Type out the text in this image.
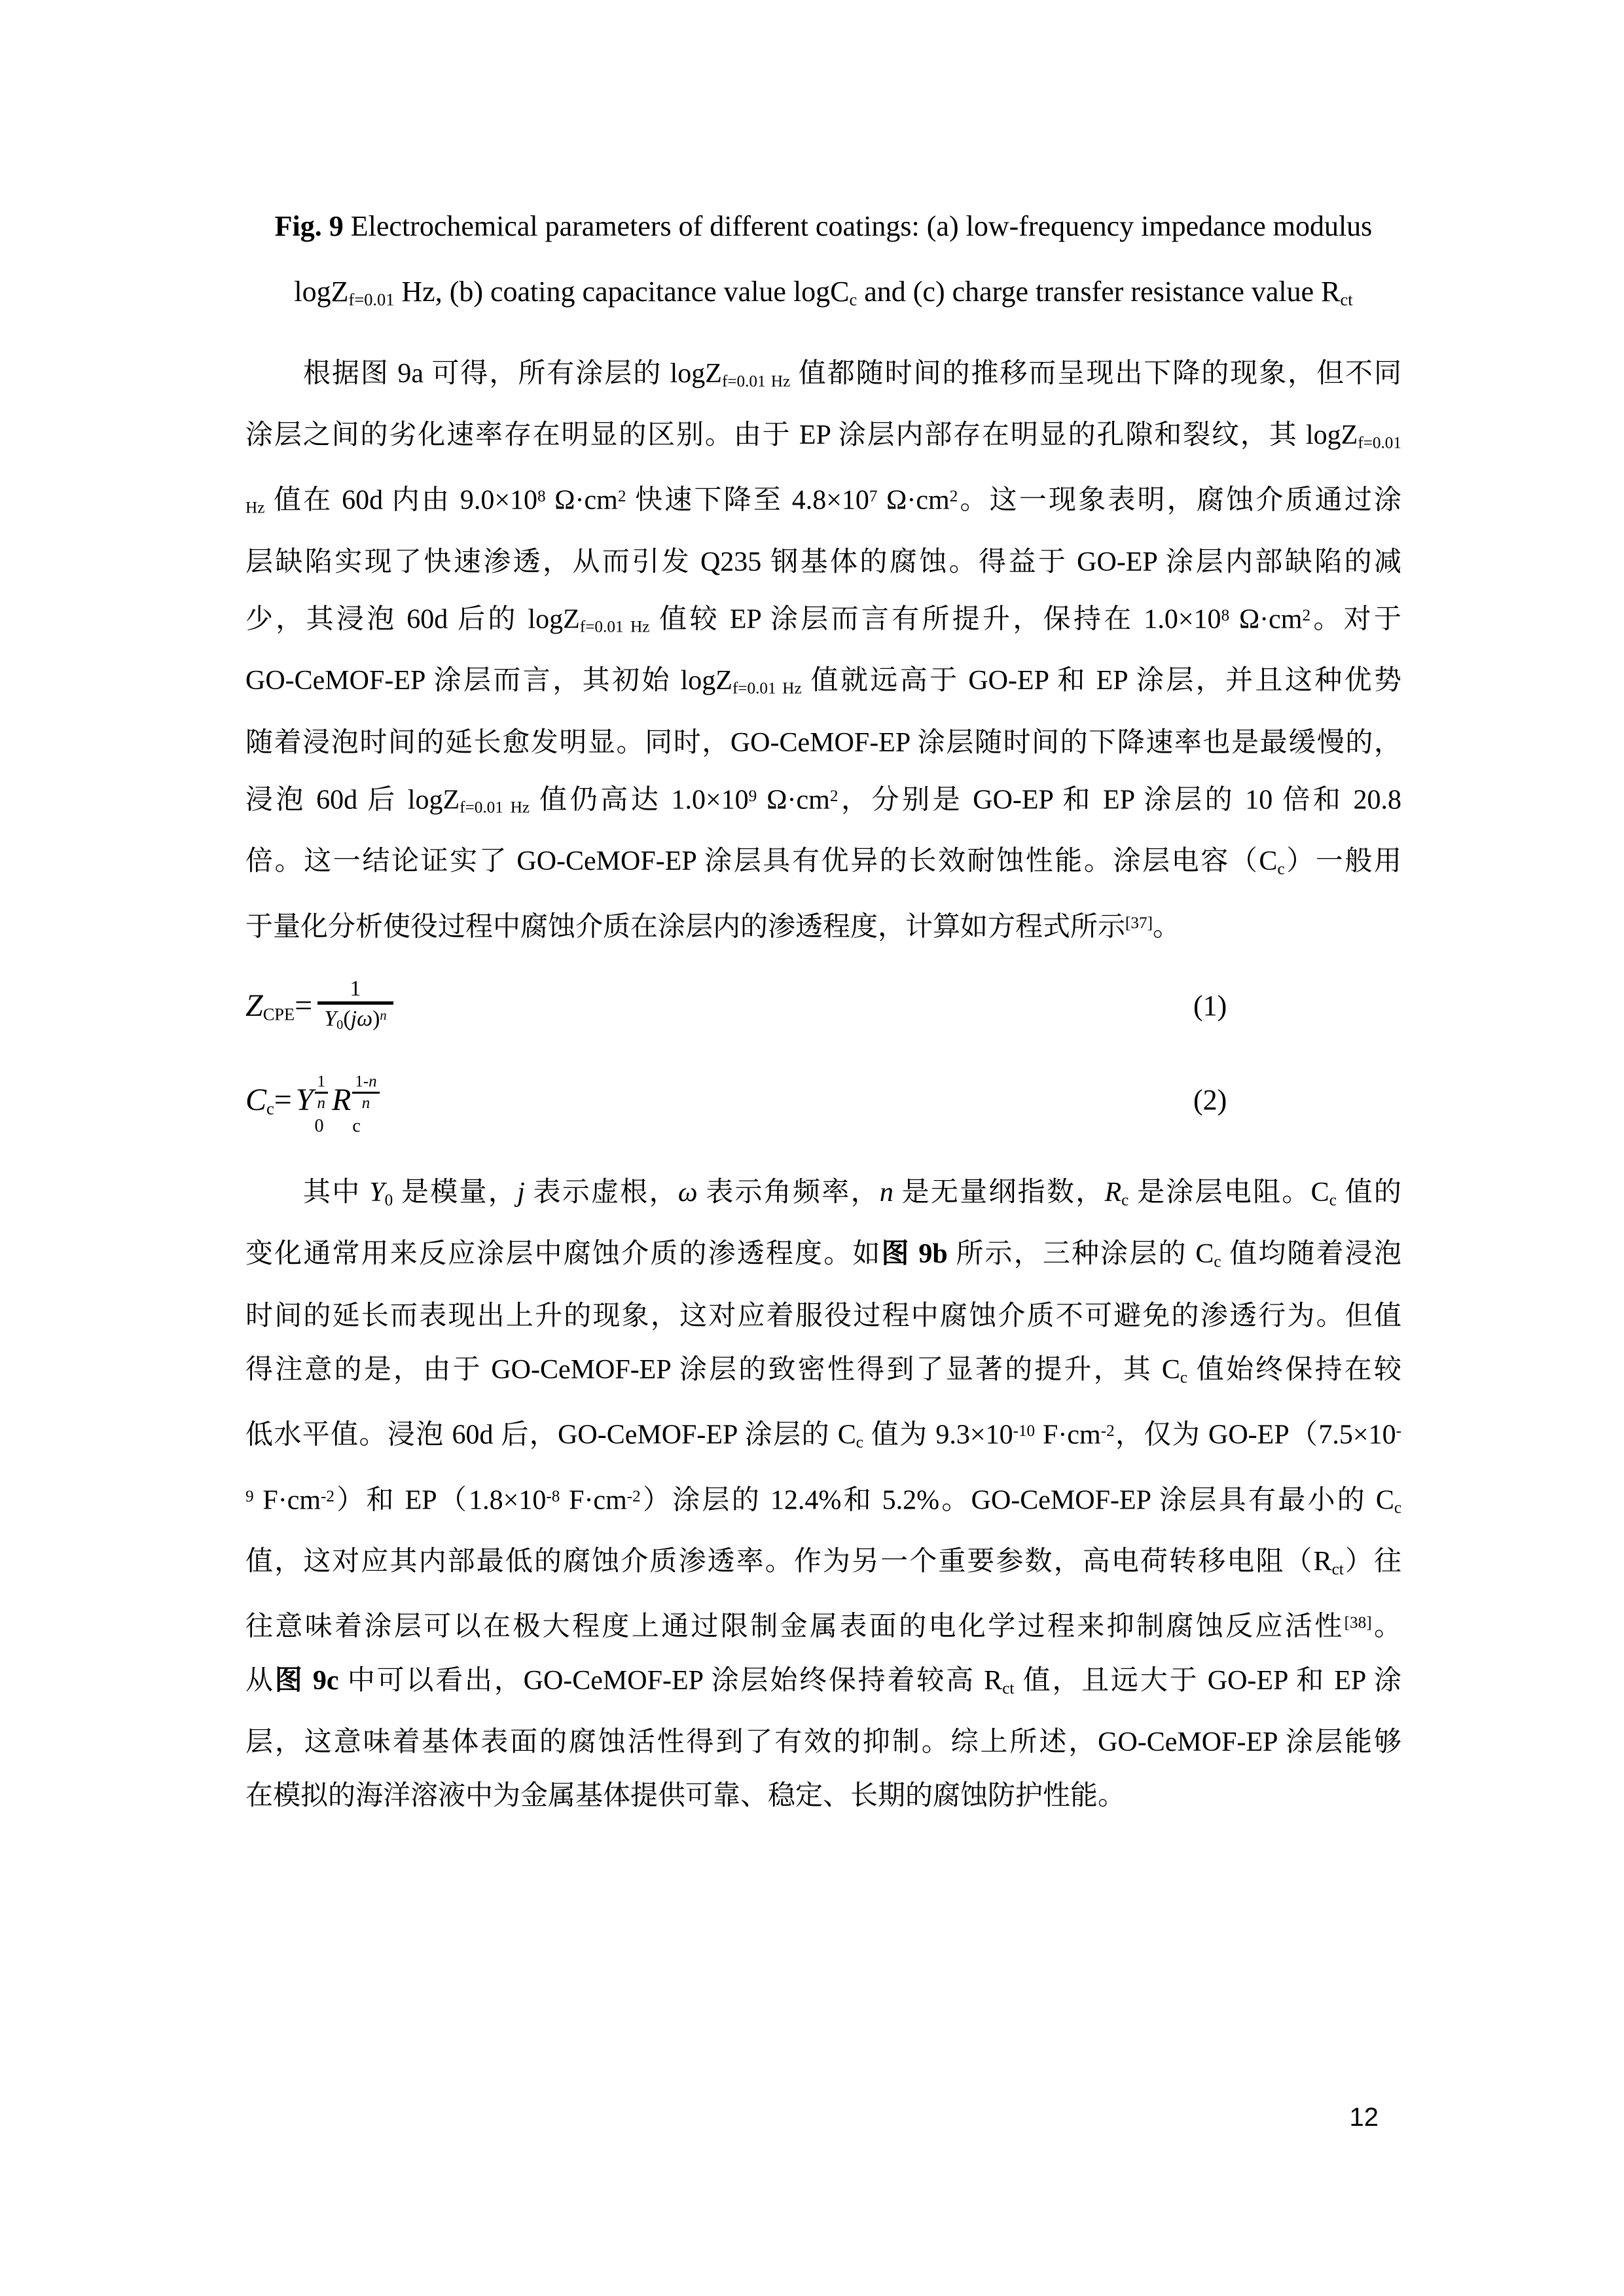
Fig. 9 Electrochemical parameters of different coatings: (a) low-frequency impedance modulus
logZ$_{f=0.01}$ Hz, (b) coating capacitance value logC$_c$ and (c) charge transfer resistance value $R_{ct}$
根据图 9a 可得，所有涂层的 logZ$_{f=0.01 Hz}$ 值都随时间的推移而呈现出下降的现象，但不同
涂层之间的劣化速率存在明显的区别。由于 EP 涂层内部存在明显的孔隙和裂纹，其 logZ$_{f=0.01}$
$_{Hz}$ 值在 60d 内由 $9.0\times 10^8$ $\Omega\cdot cm^2$ 快速下降至 $4.8\times 10^7$ $\Omega\cdot cm^2$。这一现象表明，腐蚀介质通过涂
层缺陷实现了快速渗透，从而引发 Q235 钢基体的腐蚀。得益于 GO-EP 涂层内部缺陷的减
少，其浸泡 60d 后的 logZ$_{f=0.01 Hz}$ 值较 EP 涂层而言有所提升，保持在 $1.0\times 10^8$ $\Omega\cdot cm^2$。对于
GO-CeMOF-EP 涂层而言，其初始 logZ$_{f=0.01 Hz}$ 值就远高于 GO-EP 和 EP 涂层，并且这种优势
随着浸泡时间的延长愈发明显。同时，GO-CeMOF-EP 涂层随时间的下降速率也是最缓慢的，
浸泡 60d 后 logZ$_{f=0.01 Hz}$ 值仍高达 $1.0\times 10^9$ $\Omega\cdot cm^2$，分别是 GO-EP 和 EP 涂层的 10 倍和 20.8
倍。这一结论证实了 GO-CeMOF-EP 涂层具有优异的长效耐蚀性能。涂层电容$(C_c)$一般用
于量化分析使役过程中腐蚀介质在涂层内的渗透程度，计算如方程式所示[37]。
$Z_{CPE}= \frac{1}{Y_0(j\omega)^n}$	(1)
$C_c= Y \frac{1}{n}$
0
R $\frac{1-n}{n}$
c
(2)
其中 $Y_0$ 是模量，j 表示虚根，ω 表示角频率，n 是无量纲指数，$R_c$ 是涂层电阻。$C_c$ 值的
变化通常用来反应涂层中腐蚀介质的渗透程度。如图 9b 所示，三种涂层的 $C_c$ 值均随着浸泡
时间的延长而表现出上升的现象，这对应着服役过程中腐蚀介质不可避免的渗透行为。但值
得注意的是，由于 GO-CeMOF-EP 涂层的致密性得到了显著的提升，其 $C_c$ 值始终保持在较
低水平值。浸泡 60d 后，GO-CeMOF-EP 涂层的 $C_c$ 值为 $9.3\times 10^{-10}$ $F\cdot cm^{-2}$，仅为 GO-EP（7.5×10-
$^9$ $F\cdot cm^{-2}$）和 $EP(1.8\times 10^{-8}$ $F\cdot cm^{-2}$）涂层的 12.4%和 5.2%。GO-CeMOF-EP 涂层具有最小的 $C_c$
值，这对应其内部最低的腐蚀介质渗透率。作为另一个重要参数，高电荷转移电阻$(R_{ct})$往
往意味着涂层可以在极大程度上通过限制金属表面的电化学过程来抑制腐蚀反应活性[38]。
从图 9c 中可以看出，GO-CeMOF-EP 涂层始终保持着较高 $R_{ct}$ 值，且远大于 GO-EP 和 EP 涂
层，这意味着基体表面的腐蚀活性得到了有效的抑制。综上所述，GO-CeMOF-EP 涂层能够
在模拟的海洋溶液中为金属基体提供可靠、稳定、长期的腐蚀防护性能。
12
